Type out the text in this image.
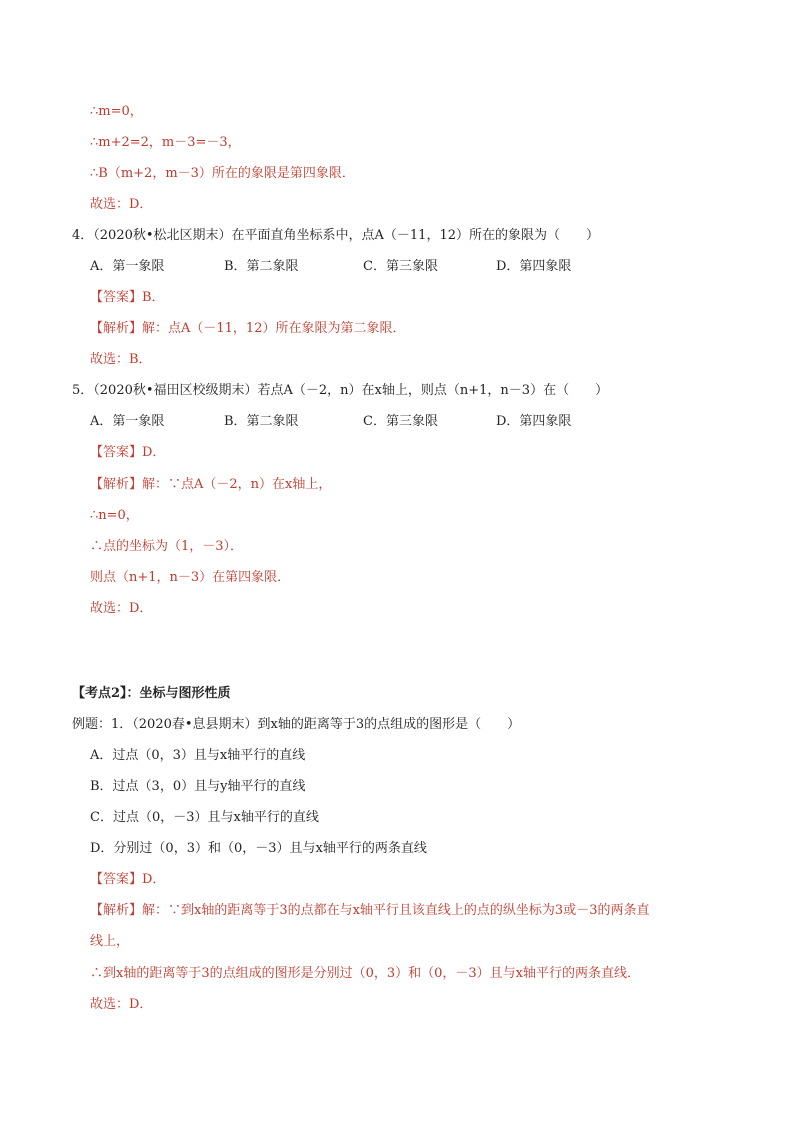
∴m=0，
∴m+2=2，m－3=－3，
∴B（m+2，m－3）所在的象限是第四象限．
故选：D．
4．（2020秋•松北区期末）在平面直角坐标系中，点A（－11，12）所在的象限为（　　）
A．第一象限	B．第二象限	C．第三象限	D．第四象限
【答案】B．
【解析】解：点A（－11，12）所在象限为第二象限．
故选：B．
5．（2020秋•福田区校级期末）若点A（－2，n）在x轴上，则点（n+1，n－3）在（　　）
A．第一象限	B．第二象限	C．第三象限	D．第四象限
【答案】D．
【解析】解：∵点A（－2，n）在x轴上，
∴n=0，
∴点的坐标为（1，－3）．
则点（n+1，n－3）在第四象限．
故选：D．
【考点2】：坐标与图形性质
例题：1．（2020春•息县期末）到x轴的距离等于3的点组成的图形是（　　）
A．过点（0，3）且与x轴平行的直线
B．过点（3，0）且与y轴平行的直线
C．过点（0，－3）且与x轴平行的直线
D．分别过（0，3）和（0，－3）且与x轴平行的两条直线
【答案】D．
【解析】解：∵到x轴的距离等于3的点都在与x轴平行且该直线上的点的纵坐标为3或－3的两条直
线上，
∴到x轴的距离等于3的点组成的图形是分别过（0，3）和（0，－3）且与x轴平行的两条直线．
故选：D．
